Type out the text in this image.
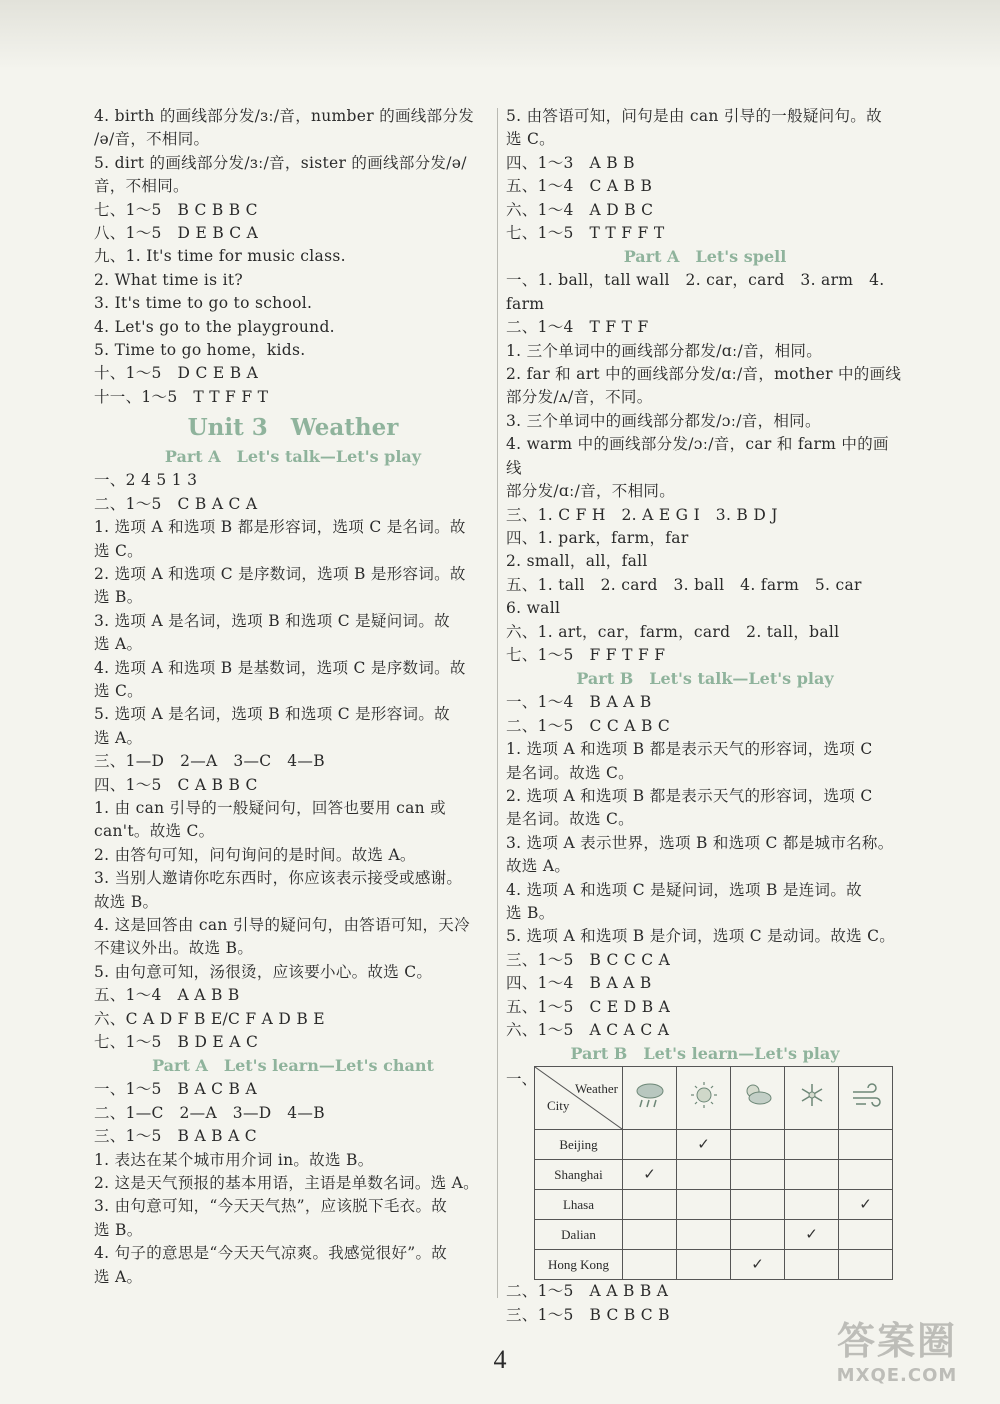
4. birth 的画线部分发/ɜː/音，number 的画线部分发
/ə/音，不相同。
5. dirt 的画线部分发/ɜː/音，sister 的画线部分发/ə/
音，不相同。
七、1～5　B C B B C
八、1～5　D E B C A
九、1. It's time for music class.
2. What time is it?
3. It's time to go to school.
4. Let's go to the playground.
5. Time to go home，kids.
十、1～5　D C E B A
十一、1～5　T T F F T
Unit 3　Weather
Part A　Let's talk—Let's play
一、2 4 5 1 3
二、1～5　C B A C A
1. 选项 A 和选项 B 都是形容词，选项 C 是名词。故
选 C。
2. 选项 A 和选项 C 是序数词，选项 B 是形容词。故
选 B。
3. 选项 A 是名词，选项 B 和选项 C 是疑问词。故
选 A。
4. 选项 A 和选项 B 是基数词，选项 C 是序数词。故
选 C。
5. 选项 A 是名词，选项 B 和选项 C 是形容词。故
选 A。
三、1—D　2—A　3—C　4—B
四、1～5　C A B B C
1. 由 can 引导的一般疑问句，回答也要用 can 或
can't。故选 C。
2. 由答句可知，问句询问的是时间。故选 A。
3. 当别人邀请你吃东西时，你应该表示接受或感谢。
故选 B。
4. 这是回答由 can 引导的疑问句，由答语可知，天冷
不建议外出。故选 B。
5. 由句意可知，汤很烫，应该要小心。故选 C。
五、1～4　A A B B
六、C A D F B E/C F A D B E
七、1～5　B D E A C
Part A　Let's learn—Let's chant
一、1～5　B A C B A
二、1—C　2—A　3—D　4—B
三、1～5　B A B A C
1. 表达在某个城市用介词 in。故选 B。
2. 这是天气预报的基本用语，主语是单数名词。选 A。
3. 由句意可知，“今天天气热”，应该脱下毛衣。故
选 B。
4. 句子的意思是“今天天气凉爽。我感觉很好”。故
选 A。
5. 由答语可知，问句是由 can 引导的一般疑问句。故
选 C。
四、1～3　A B B
五、1～4　C A B B
六、1～4　A D B C
七、1～5　T T F F T
Part A　Let's spell
一、1. ball，tall wall　2. car，card　3. arm　4. farm
二、1～4　T F T F
1. 三个单词中的画线部分都发/ɑː/音，相同。
2. far 和 art 中的画线部分发/ɑː/音，mother 中的画线
部分发/ʌ/音，不同。
3. 三个单词中的画线部分都发/ɔː/音，相同。
4. warm 中的画线部分发/ɔː/音，car 和 farm 中的画线
部分发/ɑː/音，不相同。
三、1. C F H　2. A E G I　3. B D J
四、1. park，farm，far
2. small，all，fall
五、1. tall　2. card　3. ball　4. farm　5. car
6. wall
六、1. art，car，farm，card　2. tall，ball
七、1～5　F F T F F
Part B　Let's talk—Let's play
一、1～4　B A A B
二、1～5　C C A B C
1. 选项 A 和选项 B 都是表示天气的形容词，选项 C
是名词。故选 C。
2. 选项 A 和选项 B 都是表示天气的形容词，选项 C
是名词。故选 C。
3. 选项 A 表示世界，选项 B 和选项 C 都是城市名称。
故选 A。
4. 选项 A 和选项 C 是疑问词，选项 B 是连词。故
选 B。
5. 选项 A 和选项 B 是介词，选项 C 是动词。故选 C。
三、1～5　B C C C A
四、1～4　B A A B
五、1～5　C E D B A
六、1～5　A C A C A
Part B　Let's learn—Let's play
一、
Weather
City

Beijing		✓			
Shanghai	✓				
Lhasa					✓
Dalian				✓	
Hong Kong			✓		
二、1～5　A A B B A
三、1～5　B C B C B
4	答案圈
MXQE.COM
